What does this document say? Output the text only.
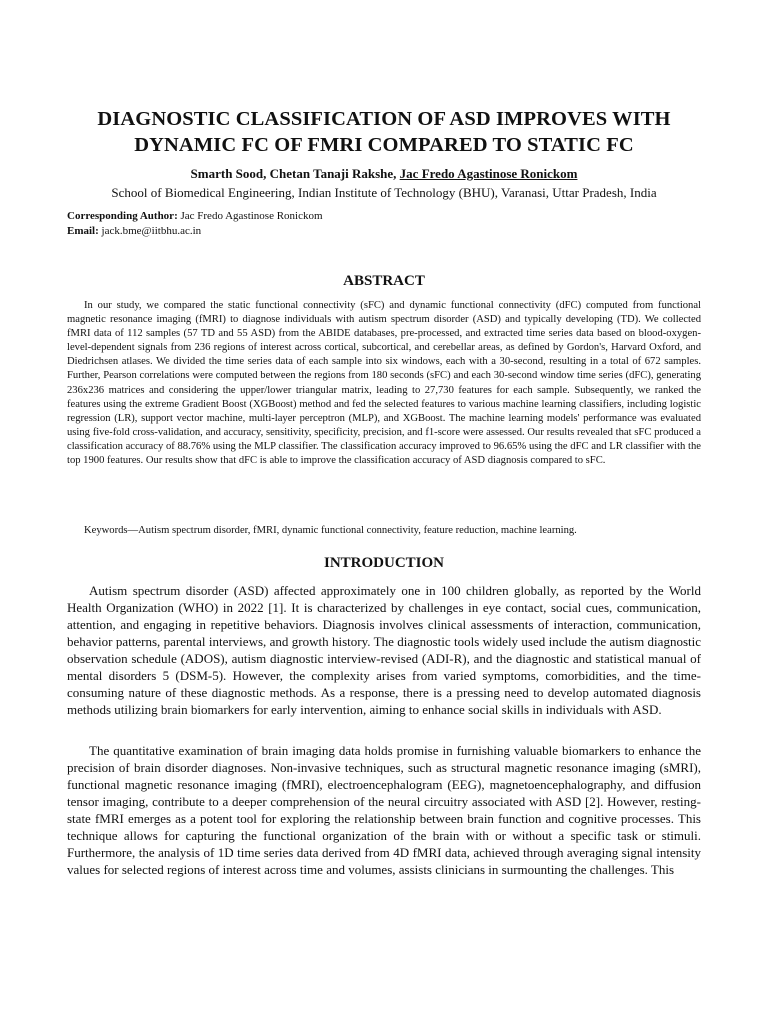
DIAGNOSTIC CLASSIFICATION OF ASD IMPROVES WITH
DYNAMIC FC OF FMRI COMPARED TO STATIC FC
Smarth Sood, Chetan Tanaji Rakshe, Jac Fredo Agastinose Ronickom
School of Biomedical Engineering, Indian Institute of Technology (BHU), Varanasi, Uttar Pradesh, India
Corresponding Author: Jac Fredo Agastinose Ronickom
Email: jack.bme@iitbhu.ac.in
ABSTRACT

In our study, we compared the static functional connectivity (sFC) and dynamic functional connectivity (dFC) computed from functional magnetic resonance imaging (fMRI) to diagnose individuals with autism spectrum disorder (ASD) and typically developing (TD). We collected fMRI data of 112 samples (57 TD and 55 ASD) from the ABIDE databases, pre-processed, and extracted time series data based on blood-oxygen-level-dependent signals from 236 regions of interest across cortical, subcortical, and cerebellar areas, as defined by Gordon's, Harvard Oxford, and Diedrichsen atlases. We divided the time series data of each sample into six windows, each with a 30-second, resulting in a total of 672 samples. Further, Pearson correlations were computed between the regions from 180 seconds (sFC) and each 30-second window time series (dFC), generating 236x236 matrices and considering the upper/lower triangular matrix, leading to 27,730 features for each sample. Subsequently, we ranked the features using the extreme Gradient Boost (XGBoost) method and fed the selected features to various machine learning classifiers, including logistic regression (LR), support vector machine, multi-layer perceptron (MLP), and XGBoost. The machine learning models' performance was evaluated using five-fold cross-validation, and accuracy, sensitivity, specificity, precision, and f1-score were assessed. Our results revealed that sFC produced a classification accuracy of 88.76% using the MLP classifier. The classification accuracy improved to 96.65% using the dFC and LR classifier with the top 1900 features. Our results show that dFC is able to improve the classification accuracy of ASD diagnosis compared to sFC.

Keywords—Autism spectrum disorder, fMRI, dynamic functional connectivity, feature reduction, machine learning.

INTRODUCTION

Autism spectrum disorder (ASD) affected approximately one in 100 children globally, as reported by the World Health Organization (WHO) in 2022 [1]. It is characterized by challenges in eye contact, social cues, communication, attention, and engaging in repetitive behaviors. Diagnosis involves clinical assessments of interaction, communication, behavior patterns, parental interviews, and growth history. The diagnostic tools widely used include the autism diagnostic observation schedule (ADOS), autism diagnostic interview-revised (ADI-R), and the diagnostic and statistical manual of mental disorders 5 (DSM-5). However, the complexity arises from varied symptoms, comorbidities, and the time-consuming nature of these diagnostic methods. As a response, there is a pressing need to develop automated diagnosis methods utilizing brain biomarkers for early intervention, aiming to enhance social skills in individuals with ASD.

The quantitative examination of brain imaging data holds promise in furnishing valuable biomarkers to enhance the precision of brain disorder diagnoses. Non-invasive techniques, such as structural magnetic resonance imaging (sMRI), functional magnetic resonance imaging (fMRI), electroencephalogram (EEG), magnetoencephalography, and diffusion tensor imaging, contribute to a deeper comprehension of the neural circuitry associated with ASD [2]. However, resting-state fMRI emerges as a potent tool for exploring the relationship between brain function and cognitive processes. This technique allows for capturing the functional organization of the brain with or without a specific task or stimuli. Furthermore, the analysis of 1D time series data derived from 4D fMRI data, achieved through averaging signal intensity values for selected regions of interest across time and volumes, assists clinicians in surmounting the challenges. This
